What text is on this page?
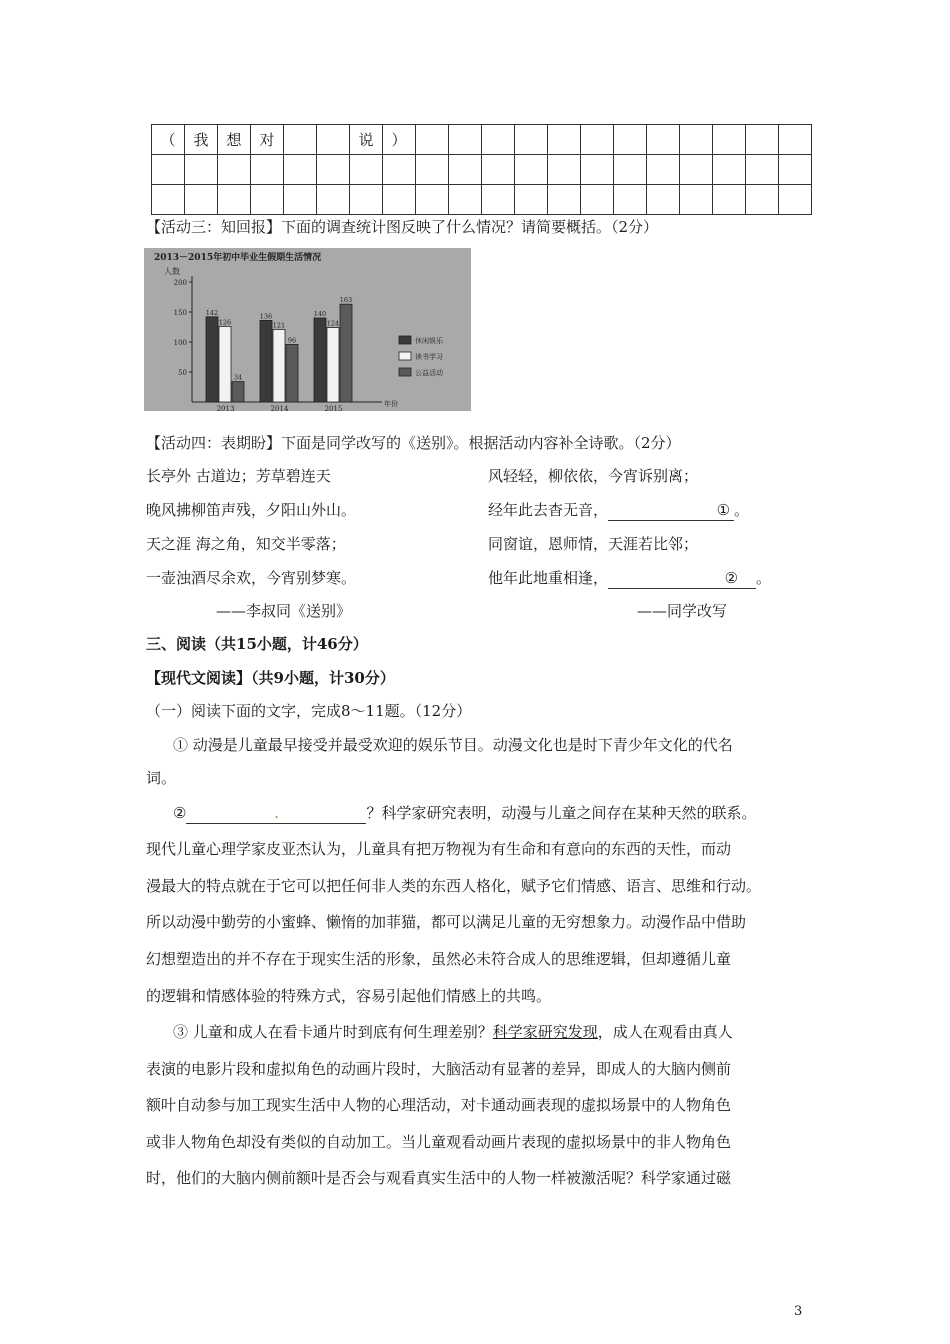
（	我	想	对			说	）												

【活动三：知回报】下面的调查统计图反映了什么情况？请简要概括。（2分）
2013－2015年初中毕业生假期生活情况
人数
年份
200
150
100
50
142
126
34
2013
136
121
96
2014
140
124
163
2015
休闲娱乐
读书学习
公益活动
【活动四：表期盼】下面是同学改写的《送别》。根据活动内容补全诗歌。（2分）
长亭外 古道边；芳草碧连天
晚风拂柳笛声残，夕阳山外山。
天之涯 海之角，知交半零落；
一壶浊酒尽余欢，今宵别梦寒。
——李叔同《送别》
风轻轻，柳依依，今宵诉别离；
经年此去杳无音，	① 。
同窗谊，恩师情，天涯若比邻；
他年此地重相逢，	② 。
——同学改写
三、阅读（共15小题，计46分）
【现代文阅读】（共9小题，计30分）
（一）阅读下面的文字，完成8～11题。（12分）
① 动漫是儿童最早接受并最受欢迎的娱乐节目。动漫文化也是时下青少年文化的代名
词。
②	.	？科学家研究表明，动漫与儿童之间存在某种天然的联系。
现代儿童心理学家皮亚杰认为，儿童具有把万物视为有生命和有意向的东西的天性，而动
漫最大的特点就在于它可以把任何非人类的东西人格化，赋予它们情感、语言、思维和行动。
所以动漫中勤劳的小蜜蜂、懒惰的加菲猫，都可以满足儿童的无穷想象力。动漫作品中借助
幻想塑造出的并不存在于现实生活的形象，虽然必未符合成人的思维逻辑，但却遵循儿童
的逻辑和情感体验的特殊方式，容易引起他们情感上的共鸣。
③ 儿童和成人在看卡通片时到底有何生理差别？科学家研究发现，成人在观看由真人
表演的电影片段和虚拟角色的动画片段时，大脑活动有显著的差异，即成人的大脑内侧前
额叶自动参与加工现实生活中人物的心理活动，对卡通动画表现的虚拟场景中的人物角色
或非人物角色却没有类似的自动加工。当儿童观看动画片表现的虚拟场景中的非人物角色
时，他们的大脑内侧前额叶是否会与观看真实生活中的人物一样被激活呢？科学家通过磁
3
